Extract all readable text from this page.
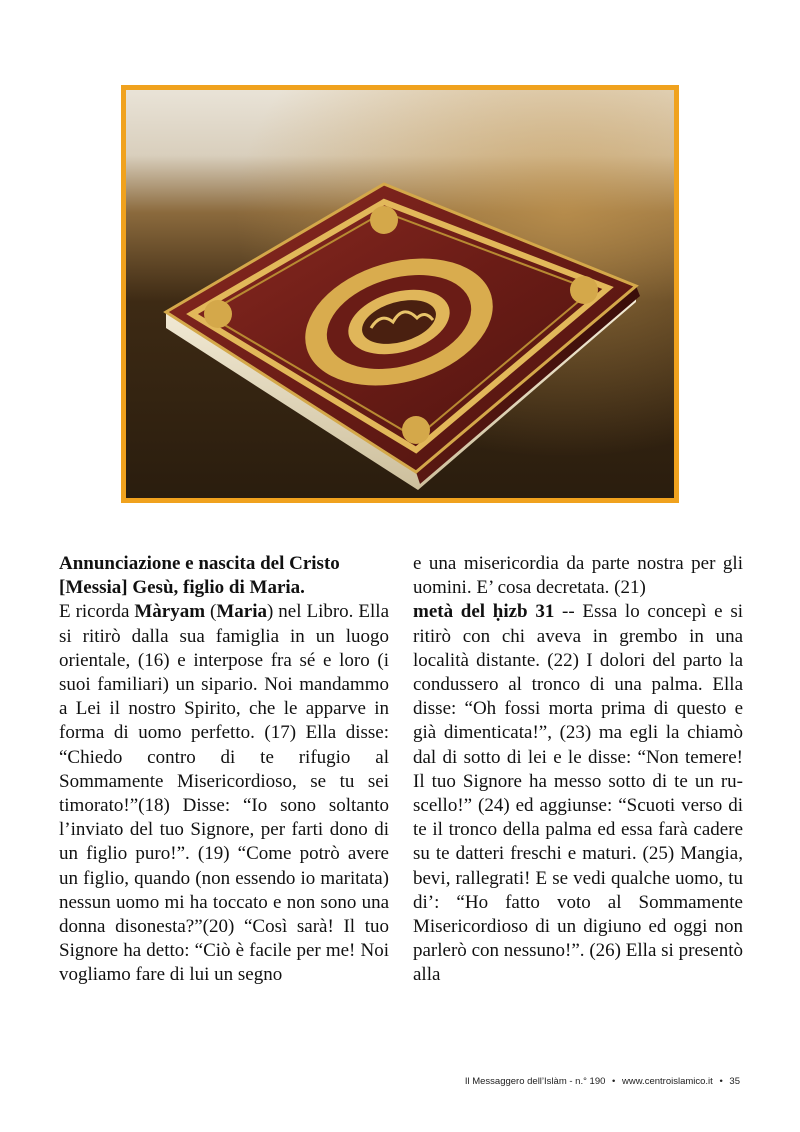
Annunciazione e nascita del Cristo [Messia] Gesù, figlio di Maria.

E ricorda Màryam (Maria) nel Libro. Ella si ritirò dalla sua famiglia in un luogo orientale, (16) e interpose fra sé e loro (i suoi familiari) un sipario. Noi mandammo a Lei il nostro Spirito, che le apparve in forma di uomo perfetto. (17) Ella disse: “Chiedo contro di te rifugio al Sommamente Misericordioso, se tu sei timorato!”(18) Disse: “Io sono soltanto l’inviato del tuo Signore, per farti dono di un figlio puro!”. (19) “Come potrò avere un figlio, quando (non essendo io maritata) nessun uomo mi ha toccato e non sono una donna disonesta?”(20) “Così sarà! Il tuo Signore ha detto: “Ciò è facile per me! Noi vogliamo fare di lui un segno

e una misericordia da parte nostra per gli uomini. E’ cosa decretata. (21)

metà del ḥizb 31 -- Essa lo concepì e si ritirò con chi aveva in grembo in una località distante. (22) I dolori del parto la condussero al tronco di una palma. Ella disse: “Oh fossi morta prima di questo e già dimenticata!”, (23) ma egli la chiamò dal di sotto di lei e le disse: “Non temere! Il tuo Signore ha messo sotto di te un ruscello!” (24) ed aggiunse: “Scuoti verso di te il tronco della palma ed essa farà cadere su te datteri freschi e maturi. (25) Mangia, bevi, rallegrati! E se vedi qualche uomo, tu di’: “Ho fatto voto al Sommamente Misericordioso di un digiuno ed oggi non parlerò con nessuno!”. (26) Ella si presentò alla

Il Messaggero dell’Islàm - n.° 190 • www.centroislamico.it • 35
